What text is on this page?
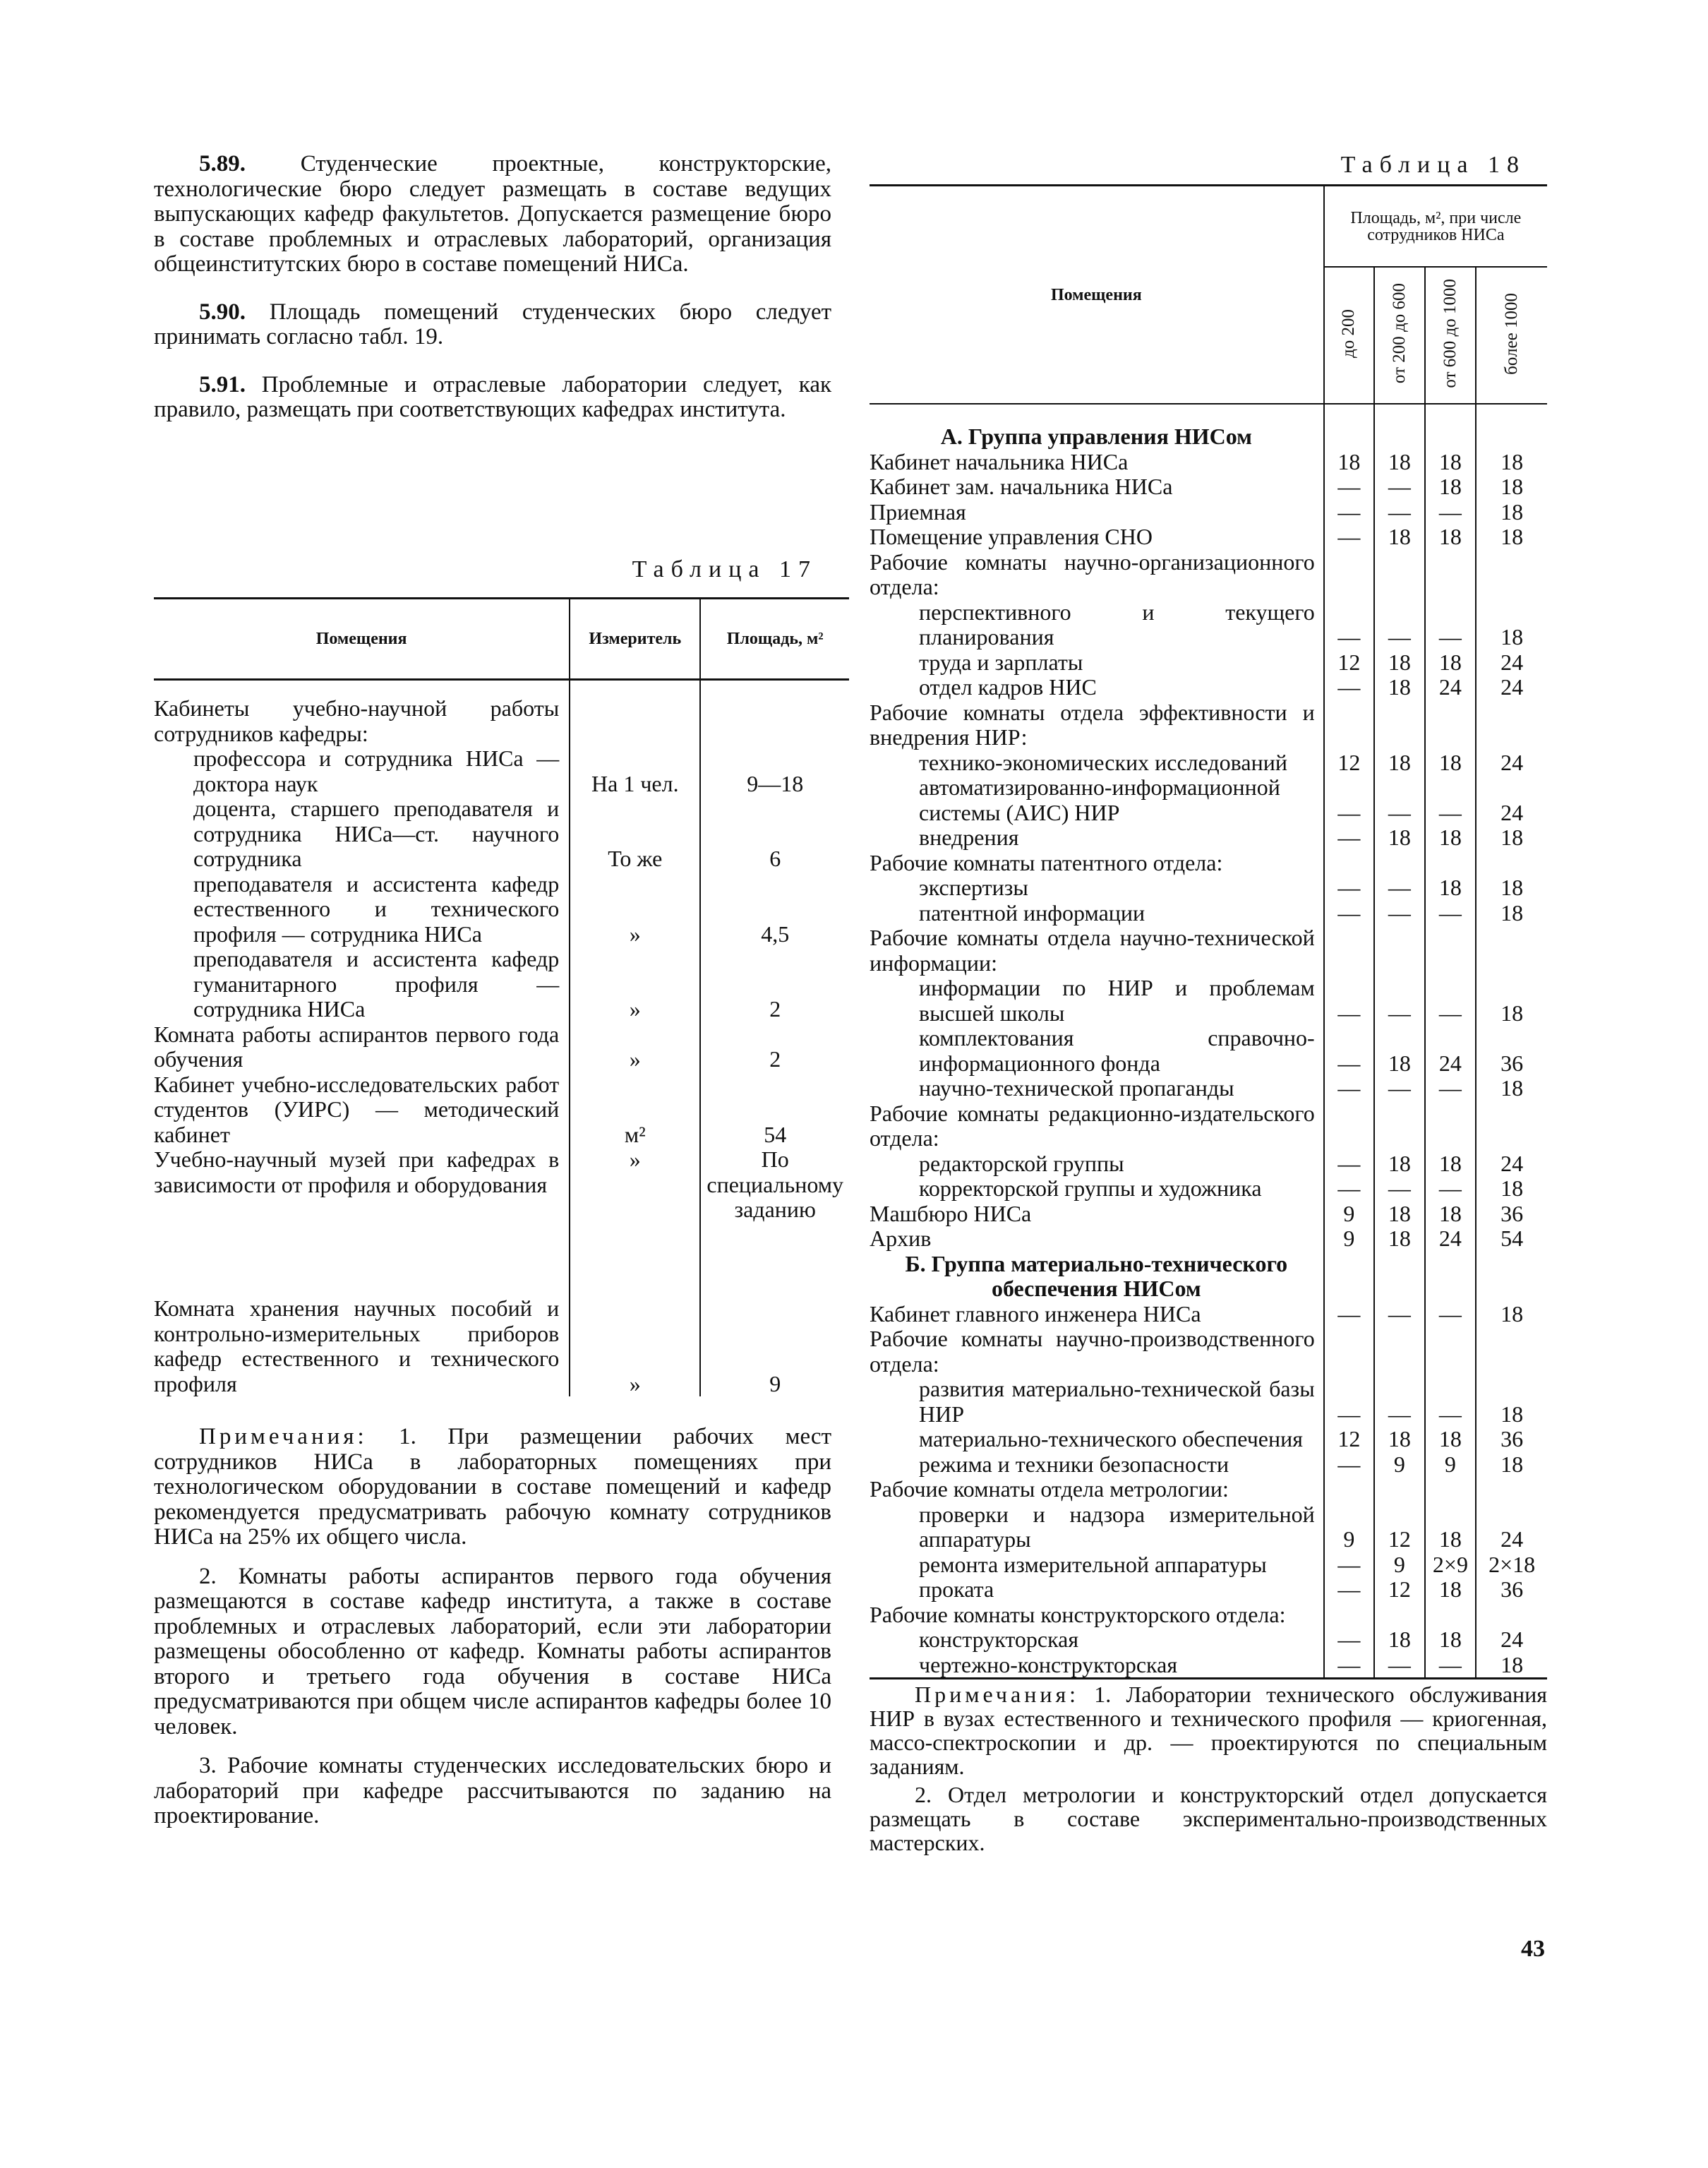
5.89. Студенческие проектные, конструкторские, технологические бюро следует размещать в составе ведущих выпускающих кафедр факультетов. Допускается размещение бюро в составе проблемных и отраслевых лабораторий, организация общеинститутских бюро в составе помещений НИСа.

5.90. Площадь помещений студенческих бюро следует принимать согласно табл. 19.

5.91. Проблемные и отраслевые лаборатории следует, как правило, размещать при соответствующих кафедрах института.

Таблица 17
Помещения	Измеритель	Площадь, м²

Кабинеты учебно-научной работы сотрудников кафедры:		
профессора и сотрудника НИСа — доктора наук	На 1 чел.	9—18
доцента, старшего преподавателя и сотрудника НИСа—ст. научного сотрудника	То же	6
преподавателя и ассистента кафедр естественного и технического профиля — сотрудника НИСа	»	4,5
преподавателя и ассистента кафедр гуманитарного профиля — сотрудника НИСа	»	2
Комната работы аспирантов первого года обучения	»	2
Кабинет учебно-исследовательских работ студентов (УИРС) — методический кабинет	м²	54
Учебно-научный музей при кафедрах в зависимости от профиля и оборудования	»	По специальному заданию
Комната хранения научных пособий и контрольно-измерительных приборов кафедр естественного и технического профиля	»	9

Примечания: 1. При размещении рабочих мест сотрудников НИСа в лабораторных помещениях при технологическом оборудовании в составе помещений и кафедр рекомендуется предусматривать рабочую комнату сотрудников НИСа на 25% их общего числа.

2. Комнаты работы аспирантов первого года обучения размещаются в составе кафедр института, а также в составе проблемных и отраслевых лабораторий, если эти лаборатории размещены обособленно от кафедр. Комнаты работы аспирантов второго и третьего года обучения в составе НИСа предусматриваются при общем числе аспирантов кафедры более 10 человек.

3. Рабочие комнаты студенческих исследовательских бюро и лабораторий при кафедре рассчитываются по заданию на проектирование.

Таблица 18
Помещения	Площадь, м², при числе сотрудников НИСа			
	до 200	от 200 до 600	от 600 до 1000	более 1000

А. Группа управления НИСом				
Кабинет начальника НИСа	18	18	18	18
Кабинет зам. начальника НИСа	—	—	18	18
Приемная	—	—	—	18
Помещение управления СНО	—	18	18	18
Рабочие комнаты научно-организационного отдела:				
перспективного и текущего планирования	—	—	—	18
труда и зарплаты	12	18	18	24
отдел кадров НИС	—	18	24	24
Рабочие комнаты отдела эффективности и внедрения НИР:				
технико-экономических исследований	12	18	18	24
автоматизированно-информационной системы (АИС) НИР	—	—	—	24
внедрения	—	18	18	18
Рабочие комнаты патентного отдела:				
экспертизы	—	—	18	18
патентной информации	—	—	—	18
Рабочие комнаты отдела научно-технической информации:				
информации по НИР и проблемам высшей школы	—	—	—	18
комплектования справочно-информационного фонда	—	18	24	36
научно-технической пропаганды	—	—	—	18
Рабочие комнаты редакционно-издательского отдела:				
редакторской группы	—	18	18	24
корректорской группы и художника	—	—	—	18
Машбюро НИСа	9	18	18	36
Архив	9	18	24	54
Б. Группа материально-технического обеспечения НИСом				
Кабинет главного инженера НИСа	—	—	—	18
Рабочие комнаты научно-производственного отдела:				
развития материально-технической базы НИР	—	—	—	18
материально-технического обеспечения	12	18	18	36
режима и техники безопасности	—	9	9	18
Рабочие комнаты отдела метрологии:				
проверки и надзора измерительной аппаратуры	9	12	18	24
ремонта измерительной аппаратуры	—	9	2×9	2×18
проката	—	12	18	36
Рабочие комнаты конструкторского отдела:				
конструкторская	—	18	18	24
чертежно-конструкторская	—	—	—	18

Примечания: 1. Лаборатории технического обслуживания НИР в вузах естественного и технического профиля — криогенная, массо-спектроскопии и др. — проектируются по специальным заданиям.

2. Отдел метрологии и конструкторский отдел допускается размещать в составе экспериментально-производственных мастерских.

43
